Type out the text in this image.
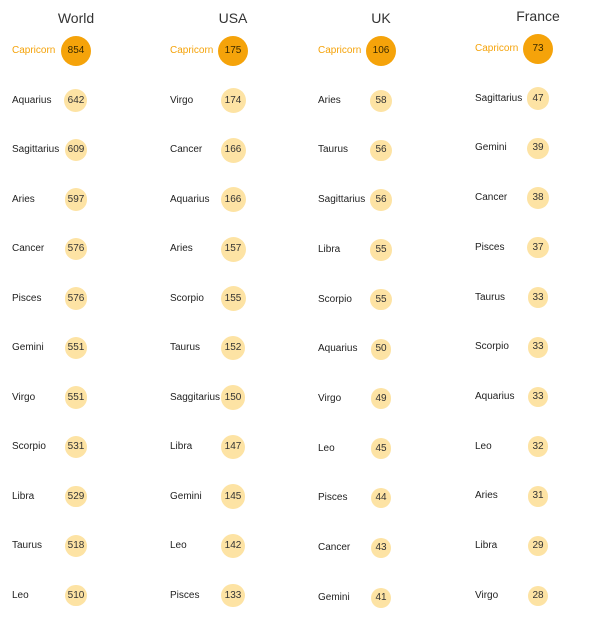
World
Capricorn 854
Aquarius 642
Sagittarius 609
Aries	597
Cancer 576
Pisces	576
Gemini 551
Virgo	551
Scorpio 531
Libra	529
Taurus	518
Leo	510
USA
Capricorn 175
Virgo	174
Cancer 166
Aquarius 166
Aries	157
Scorpio 155
Taurus 152
Saggitarius 150
Libra	147
Gemini 145
Leo	142
Pisces	133
UK
Capricorn 106
Aries	58
Taurus	56
Sagittarius 56
Libra	55
Scorpio 55
Aquarius 50
Virgo	49
Leo	45
Pisces	44
Cancer	43
Gemini	41
France
Capricorn 73
Sagittarius 47
Gemini	39
Cancer	38
Pisces	37
Taurus	33
Scorpio 33
Aquarius 33
Leo	32
Aries	31
Libra	29
Virgo	28
